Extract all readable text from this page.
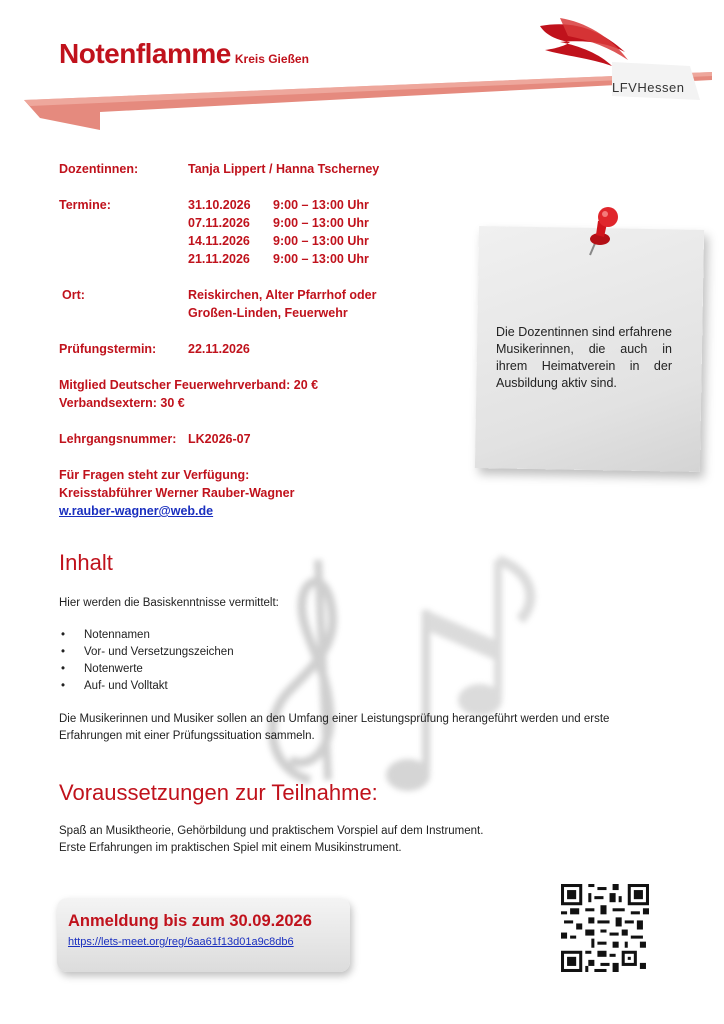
Notenflamme Kreis Gießen
LFVHessen
Dozentinnen:	Tanja Lippert / Hanna Tscherney
Termine:	31.10.2026 9:00 – 13:00 Uhr
07.11.2026 9:00 – 13:00 Uhr
14.11.2026 9:00 – 13:00 Uhr
21.11.2026 9:00 – 13:00 Uhr
Ort:	Reiskirchen, Alter Pfarrhof oder
Großen-Linden, Feuerwehr
Prüfungstermin:	22.11.2026
Mitglied Deutscher Feuerwehrverband: 20 €
Verbandsextern: 30 €
Lehrgangsnummer: LK2026-07
Für Fragen steht zur Verfügung:
Kreisstabführer Werner Rauber-Wagner
w.rauber-wagner@web.de
Die Dozentinnen sind erfahrene Musikerinnen, die auch in ihrem Heimatverein in der Ausbildung aktiv sind.
Inhalt
Hier werden die Basiskenntnisse vermittelt:
• Notennamen
• Vor- und Versetzungszeichen
• Notenwerte
• Auf- und Volltakt
Die Musikerinnen und Musiker sollen an den Umfang einer Leistungsprüfung herangeführt werden und erste Erfahrungen mit einer Prüfungssituation sammeln.
Voraussetzungen zur Teilnahme:
Spaß an Musiktheorie, Gehörbildung und praktischem Vorspiel auf dem Instrument.
Erste Erfahrungen im praktischen Spiel mit einem Musikinstrument.
Anmeldung bis zum 30.09.2026
https://lets-meet.org/reg/6aa61f13d01a9c8db6
